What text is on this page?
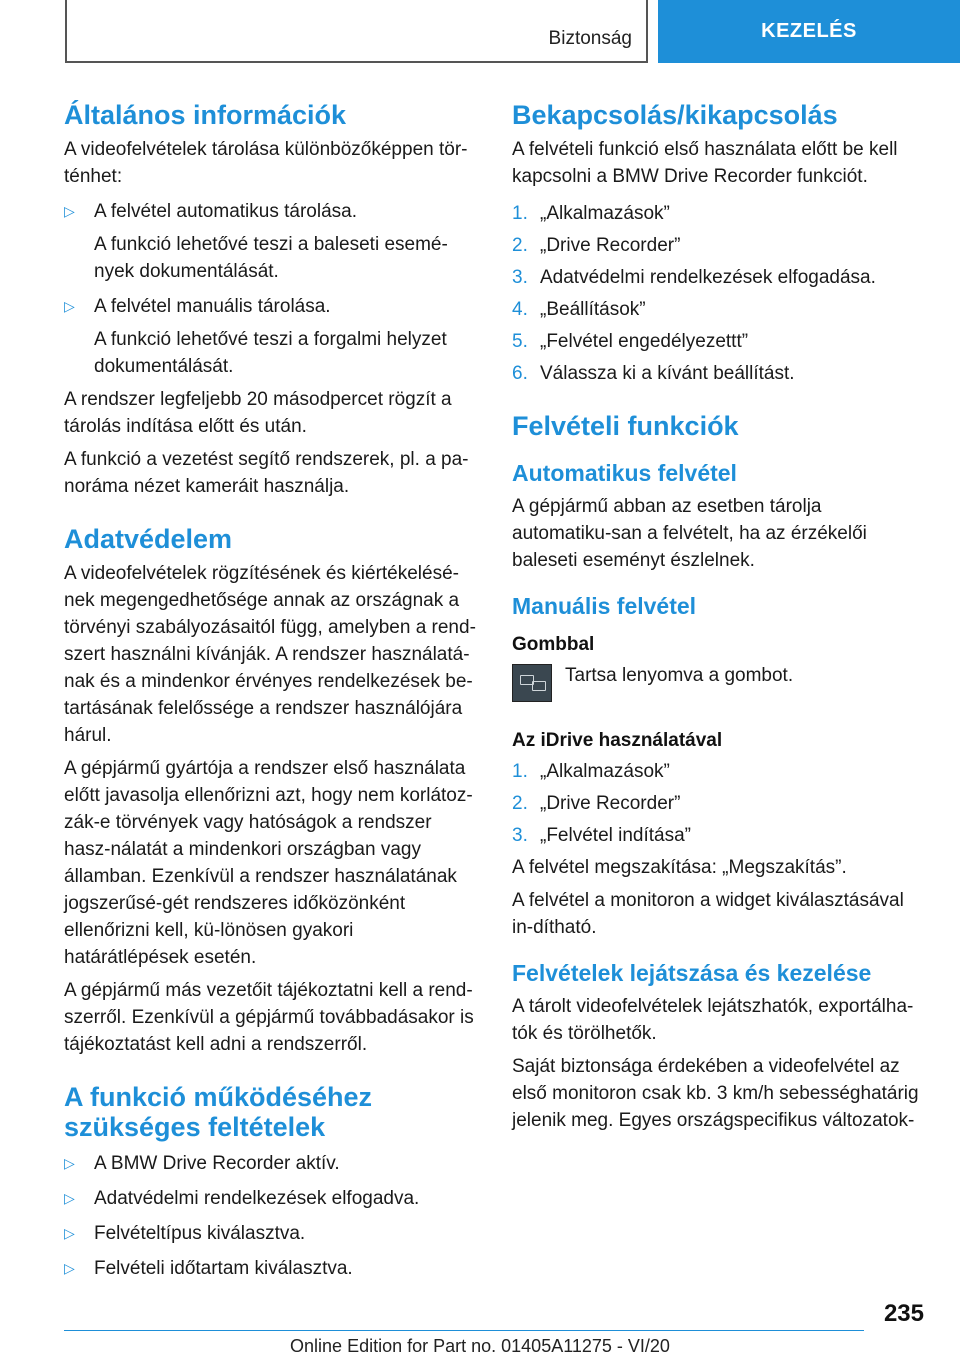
Biztonság	KEZELÉS
Általános információk

A videofelvételek tárolása különbözőképpen tör-ténhet:

▷	A felvétel automatikus tárolása.
A funkció lehetővé teszi a baleseti esemé-nyek dokumentálását.
▷	A felvétel manuális tárolása.
A funkció lehetővé teszi a forgalmi helyzet dokumentálását.

A rendszer legfeljebb 20 másodpercet rögzít a tárolás indítása előtt és után.

A funkció a vezetést segítő rendszerek, pl. a pa-noráma nézet kameráit használja.

Adatvédelem

A videofelvételek rögzítésének és kiértékelésé-nek megengedhetősége annak az országnak a törvényi szabályozásaitól függ, amelyben a rend-szert használni kívánják. A rendszer használatá-nak és a mindenkor érvényes rendelkezések be-tartásának felelőssége a rendszer használójára hárul.

A gépjármű gyártója a rendszer első használata előtt javasolja ellenőrizni azt, hogy nem korlátoz-zák-e törvények vagy hatóságok a rendszer hasz-nálatát a mindenkori országban vagy államban. Ezenkívül a rendszer használatának jogszerűsé-gét rendszeres időközönként ellenőrizni kell, kü-lönösen gyakori határátlépések esetén.

A gépjármű más vezetőit tájékoztatni kell a rend-szerről. Ezenkívül a gépjármű továbbadásakor is tájékoztatást kell adni a rendszerről.

A funkció működéséhez szükséges feltételek
▷	A BMW Drive Recorder aktív.
▷	Adatvédelmi rendelkezések elfogadva.
▷	Felvételtípus kiválasztva.
▷	Felvételi időtartam kiválasztva.
Bekapcsolás/kikapcsolás

A felvételi funkció első használata előtt be kell kapcsolni a BMW Drive Recorder funkciót.

1. „Alkalmazások”
2. „Drive Recorder”
3. Adatvédelmi rendelkezések elfogadása.
4. „Beállítások”
5. „Felvétel engedélyezettt”
6. Válassza ki a kívánt beállítást.
Felvételi funkciók
Automatikus felvétel

A gépjármű abban az esetben tárolja automatiku-san a felvételt, ha az érzékelői baleseti eseményt észlelnek.

Manuális felvétel
Gombbal
Tartsa lenyomva a gombot.
Az iDrive használatával
1. „Alkalmazások”
2. „Drive Recorder”
3. „Felvétel indítása”

A felvétel megszakítása: „Megszakítás”.

A felvétel a monitoron a widget kiválasztásával in-dítható.

Felvételek lejátszása és kezelése

A tárolt videofelvételek lejátszhatók, exportálha-tók és törölhetők.

Saját biztonsága érdekében a videofelvétel az első monitoron csak kb. 3 km/h sebességhatárig jelenik meg. Egyes országspecifikus változatok-

235
Online Edition for Part no. 01405A11275 - VI/20
